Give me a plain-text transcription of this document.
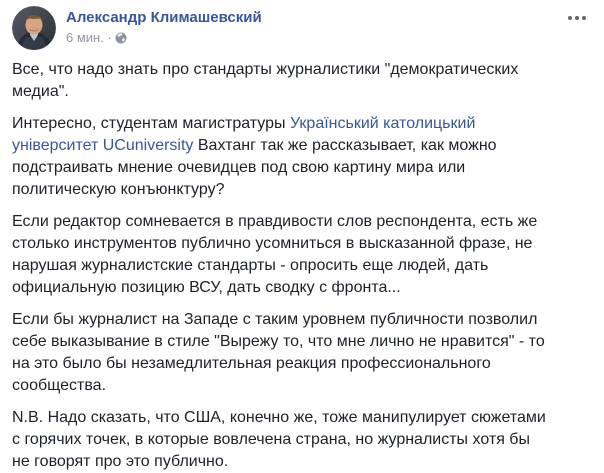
Александр Климашевский
6 мин. ·

Все, что надо знать про стандарты журналистики "демократических медиа".

Интересно, студентам магистратуры Український католицький університет UCuniversity Вахтанг так же рассказывает, как можно подстраивать мнение очевидцев под свою картину мира или политическую конъюнктуру?

Если редактор сомневается в правдивости слов респондента, есть же столько инструментов публично усомниться в высказанной фразе, не нарушая журналистские стандарты - опросить еще людей, дать официальную позицию ВСУ, дать сводку с фронта...

Если бы журналист на Западе с таким уровнем публичности позволил себе выказывание в стиле "Вырежу то, что мне лично не нравится" - то на это было бы незамедлительная реакция профессионального сообщества.

N.B. Надо сказать, что США, конечно же, тоже манипулирует сюжетами с горячих точек, в которые вовлечена страна, но журналисты хотя бы не говорят про это публично.
